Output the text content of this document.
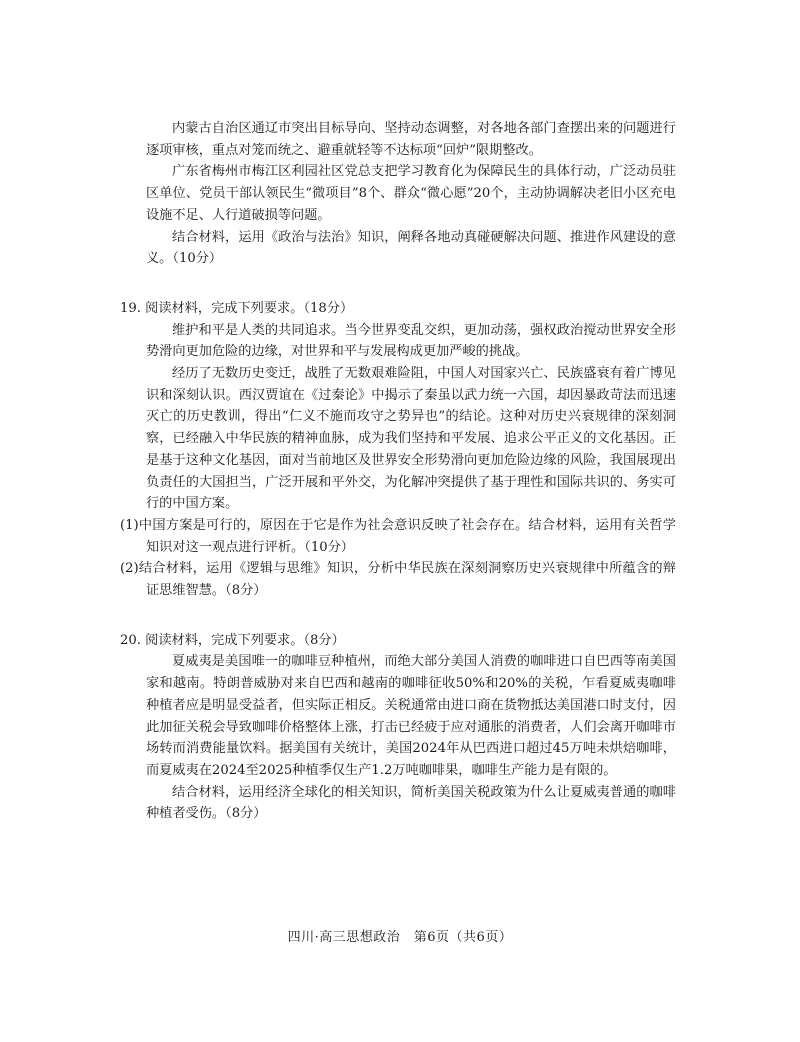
内蒙古自治区通辽市突出目标导向、坚持动态调整，对各地各部门查摆出来的问题进行逐项审核，重点对笼而统之、避重就轻等不达标项“回炉”限期整改。

广东省梅州市梅江区利园社区党总支把学习教育化为保障民生的具体行动，广泛动员驻区单位、党员干部认领民生“微项目”8个、群众“微心愿”20个，主动协调解决老旧小区充电设施不足、人行道破损等问题。

结合材料，运用《政治与法治》知识，阐释各地动真碰硬解决问题、推进作风建设的意义。（10分）

19. 阅读材料，完成下列要求。（18分）

维护和平是人类的共同追求。当今世界变乱交织，更加动荡，强权政治搅动世界安全形势滑向更加危险的边缘，对世界和平与发展构成更加严峻的挑战。

经历了无数历史变迁，战胜了无数艰难险阻，中国人对国家兴亡、民族盛衰有着广博见识和深刻认识。西汉贾谊在《过秦论》中揭示了秦虽以武力统一六国，却因暴政苛法而迅速灭亡的历史教训，得出“仁义不施而攻守之势异也”的结论。这种对历史兴衰规律的深刻洞察，已经融入中华民族的精神血脉，成为我们坚持和平发展、追求公平正义的文化基因。正是基于这种文化基因，面对当前地区及世界安全形势滑向更加危险边缘的风险，我国展现出负责任的大国担当，广泛开展和平外交，为化解冲突提供了基于理性和国际共识的、务实可行的中国方案。

(1)中国方案是可行的，原因在于它是作为社会意识反映了社会存在。结合材料，运用有关哲学知识对这一观点进行评析。（10分）

(2)结合材料，运用《逻辑与思维》知识，分析中华民族在深刻洞察历史兴衰规律中所蕴含的辩证思维智慧。（8分）

20. 阅读材料，完成下列要求。（8分）

夏威夷是美国唯一的咖啡豆种植州，而绝大部分美国人消费的咖啡进口自巴西等南美国家和越南。特朗普威胁对来自巴西和越南的咖啡征收50%和20%的关税，乍看夏威夷咖啡种植者应是明显受益者，但实际正相反。关税通常由进口商在货物抵达美国港口时支付，因此加征关税会导致咖啡价格整体上涨，打击已经疲于应对通胀的消费者，人们会离开咖啡市场转而消费能量饮料。据美国有关统计，美国2024年从巴西进口超过45万吨未烘焙咖啡，而夏威夷在2024至2025种植季仅生产1.2万吨咖啡果，咖啡生产能力是有限的。

结合材料，运用经济全球化的相关知识，简析美国关税政策为什么让夏威夷普通的咖啡种植者受伤。（8分）

四川·高三思想政治　第6页（共6页）
